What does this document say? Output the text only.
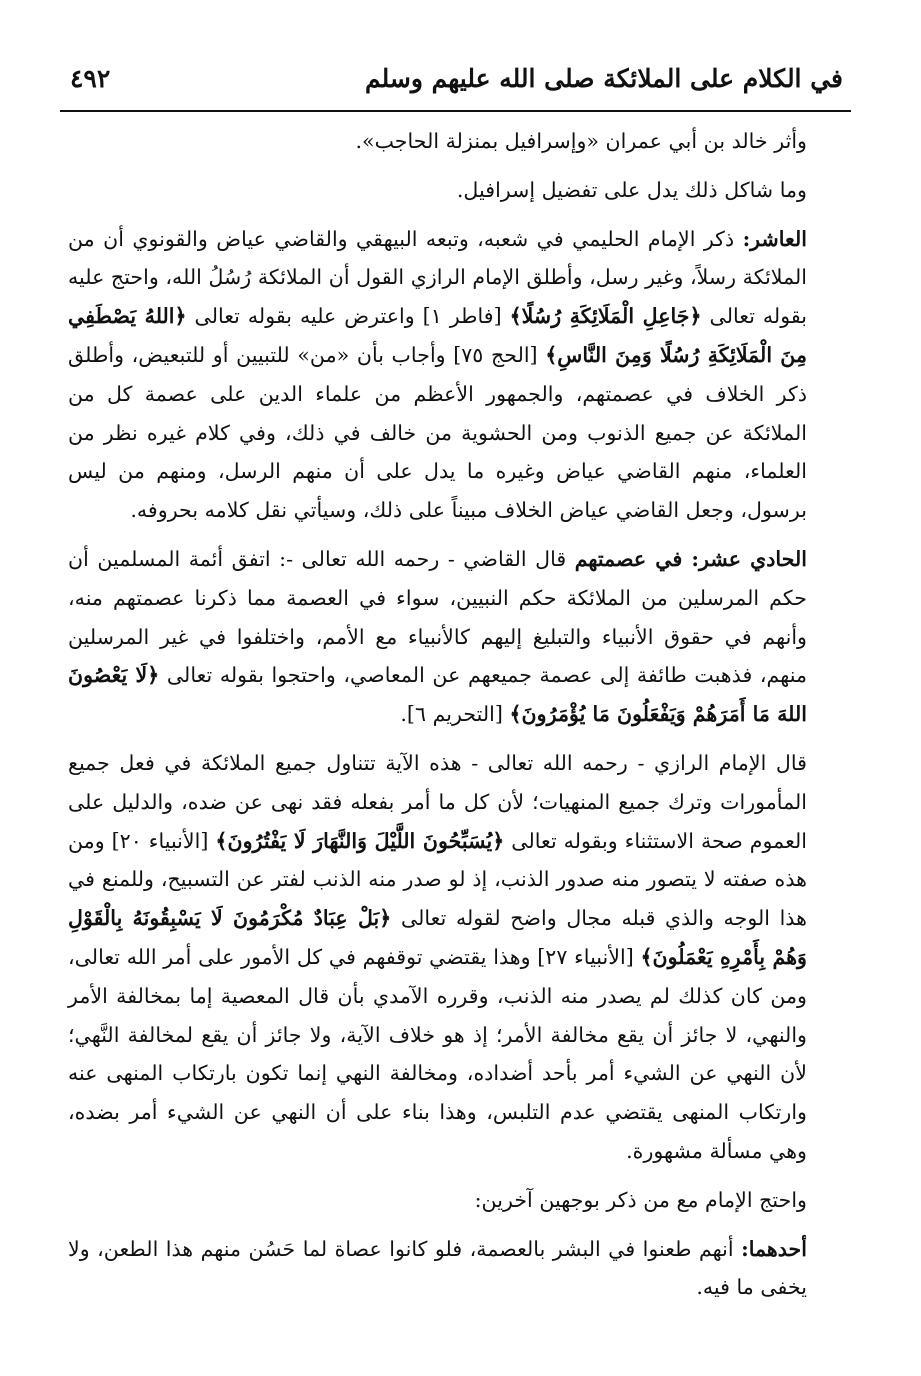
في الكلام على الملائكة صلى الله عليهم وسلم
٤٩٢

وأثر خالد بن أبي عمران «وإسرافيل بمنزلة الحاجب».

وما شاكل ذلك يدل على تفضيل إسرافيل.

العاشر: ذكر الإمام الحليمي في شعبه، وتبعه البيهقي والقاضي عياض والقونوي أن من الملائكة رسلاً، وغير رسل، وأطلق الإمام الرازي القول أن الملائكة رُسُلُ الله، واحتج عليه بقوله تعالى ﴿جَاعِلِ الْمَلَائِكَةِ رُسُلًا﴾ [فاطر ١] واعترض عليه بقوله تعالى ﴿اللهُ يَصْطَفِي مِنَ الْمَلَائِكَةِ رُسُلًا وَمِنَ النَّاسِ﴾ [الحج ٧٥] وأجاب بأن «من» للتبيين أو للتبعيض، وأطلق ذكر الخلاف في عصمتهم، والجمهور الأعظم من علماء الدين على عصمة كل من الملائكة عن جميع الذنوب ومن الحشوية من خالف في ذلك، وفي كلام غيره نظر من العلماء، منهم القاضي عياض وغيره ما يدل على أن منهم الرسل، ومنهم من ليس برسول، وجعل القاضي عياض الخلاف مبيناً على ذلك، وسيأتي نقل كلامه بحروفه.

الحادي عشر: في عصمتهم قال القاضي - رحمه الله تعالى -: اتفق أئمة المسلمين أن حكم المرسلين من الملائكة حكم النبيين، سواء في العصمة مما ذكرنا عصمتهم منه، وأنهم في حقوق الأنبياء والتبليغ إليهم كالأنبياء مع الأمم، واختلفوا في غير المرسلين منهم، فذهبت طائفة إلى عصمة جميعهم عن المعاصي، واحتجوا بقوله تعالى ﴿لَا يَعْصُونَ اللهَ مَا أَمَرَهُمْ وَيَفْعَلُونَ مَا يُؤْمَرُونَ﴾ [التحريم ٦].

قال الإمام الرازي - رحمه الله تعالى - هذه الآية تتناول جميع الملائكة في فعل جميع المأمورات وترك جميع المنهيات؛ لأن كل ما أمر بفعله فقد نهى عن ضده، والدليل على العموم صحة الاستثناء وبقوله تعالى ﴿يُسَبِّحُونَ اللَّيْلَ وَالنَّهَارَ لَا يَفْتُرُونَ﴾ [الأنبياء ٢٠] ومن هذه صفته لا يتصور منه صدور الذنب، إذ لو صدر منه الذنب لفتر عن التسبيح، وللمنع في هذا الوجه والذي قبله مجال واضح لقوله تعالى ﴿بَلْ عِبَادٌ مُكْرَمُونَ لَا يَسْبِقُونَهُ بِالْقَوْلِ وَهُمْ بِأَمْرِهِ يَعْمَلُونَ﴾ [الأنبياء ٢٧] وهذا يقتضي توقفهم في كل الأمور على أمر الله تعالى، ومن كان كذلك لم يصدر منه الذنب، وقرره الآمدي بأن قال المعصية إما بمخالفة الأمر والنهي، لا جائز أن يقع مخالفة الأمر؛ إذ هو خلاف الآية، ولا جائز أن يقع لمخالفة النَّهي؛ لأن النهي عن الشيء أمر بأحد أضداده، ومخالفة النهي إنما تكون بارتكاب المنهى عنه وارتكاب المنهى يقتضي عدم التلبس، وهذا بناء على أن النهي عن الشيء أمر بضده، وهي مسألة مشهورة.

واحتج الإمام مع من ذكر بوجهين آخرين:

أحدهما: أنهم طعنوا في البشر بالعصمة، فلو كانوا عصاة لما حَسُن منهم هذا الطعن، ولا يخفى ما فيه.
